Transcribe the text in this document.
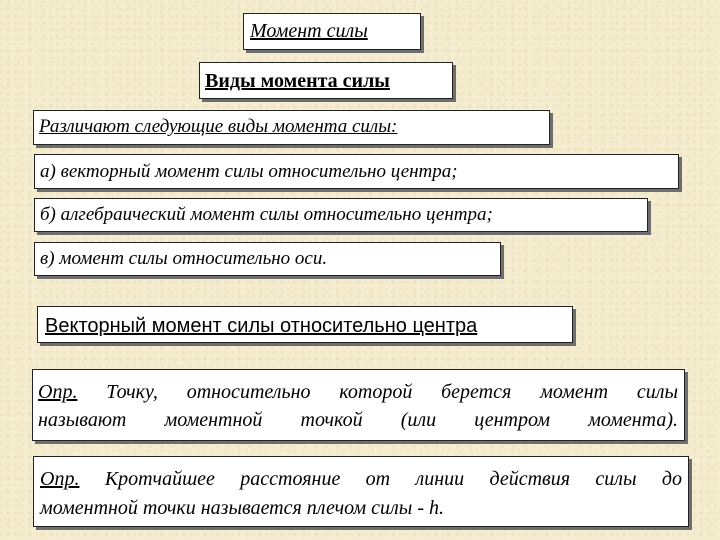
Момент силы
Виды момента силы
Различают следующие виды момента силы:
а) векторный момент силы относительно центра;
б) алгебраический момент силы относительно центра;
в) момент силы относительно оси.
Векторный момент силы относительно центра
Опр. Точку, относительно которой берется момент силы
называют моментной точкой (или центром момента).
Опр. Кротчайшее расстояние от линии действия силы до
моментной точки называется плечом силы - h.
